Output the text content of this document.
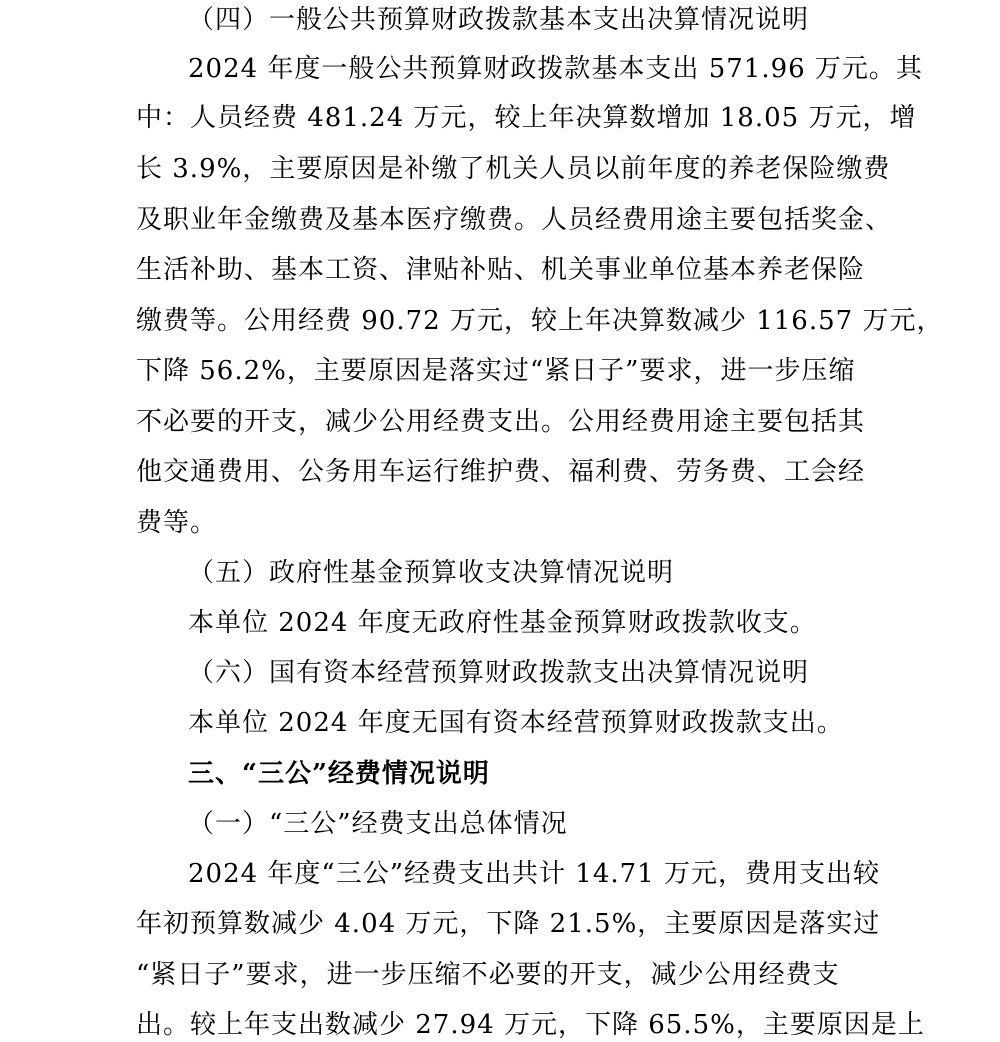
（四）一般公共预算财政拨款基本支出决算情况说明
2024 年度一般公共预算财政拨款基本支出 571.96 万元。其
中：人员经费 481.24 万元，较上年决算数增加 18.05 万元，增
长 3.9%，主要原因是补缴了机关人员以前年度的养老保险缴费
及职业年金缴费及基本医疗缴费。人员经费用途主要包括奖金、
生活补助、基本工资、津贴补贴、机关事业单位基本养老保险
缴费等。公用经费 90.72 万元，较上年决算数减少 116.57 万元，
下降 56.2%，主要原因是落实过“紧日子”要求，进一步压缩
不必要的开支，减少公用经费支出。公用经费用途主要包括其
他交通费用、公务用车运行维护费、福利费、劳务费、工会经
费等。
（五）政府性基金预算收支决算情况说明
本单位 2024 年度无政府性基金预算财政拨款收支。
（六）国有资本经营预算财政拨款支出决算情况说明
本单位 2024 年度无国有资本经营预算财政拨款支出。
三、“三公”经费情况说明
（一）“三公”经费支出总体情况
2024 年度“三公”经费支出共计 14.71 万元，费用支出较
年初预算数减少 4.04 万元，下降 21.5%，主要原因是落实过
“紧日子”要求，进一步压缩不必要的开支，减少公用经费支
出。较上年支出数减少 27.94 万元，下降 65.5%，主要原因是上
